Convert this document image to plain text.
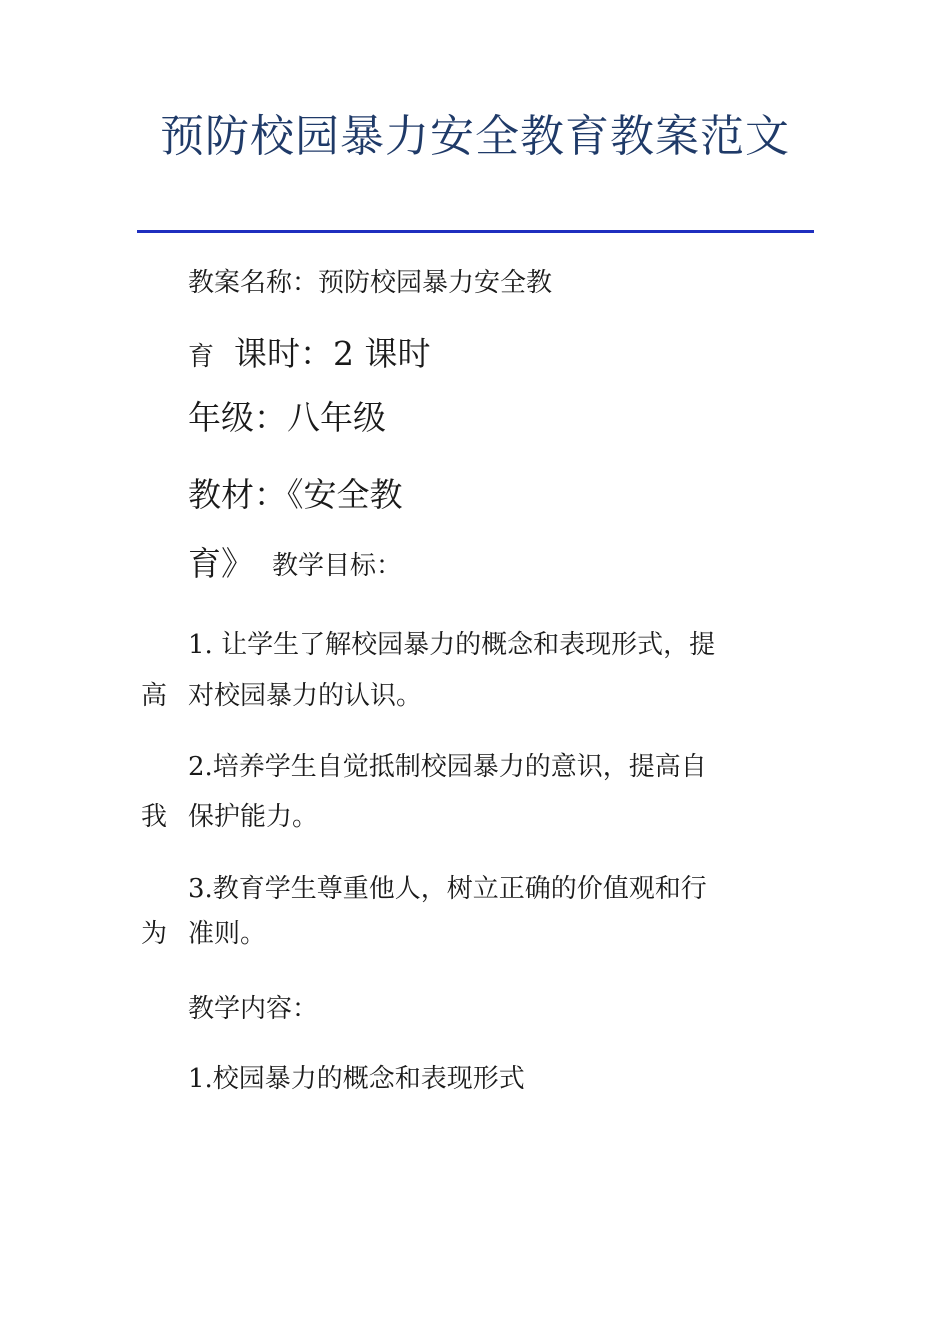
预防校园暴力安全教育教案范文
教案名称：预防校园暴力安全教
育 课时：2 课时
年级：八年级
教材：《安全教
育》 教学目标：
1. 让学生了解校园暴力的概念和表现形式，提
高 对校园暴力的认识。
2.培养学生自觉抵制校园暴力的意识，提高自
我 保护能力。
3.教育学生尊重他人，树立正确的价值观和行
为 准则。
教学内容：
1.校园暴力的概念和表现形式
